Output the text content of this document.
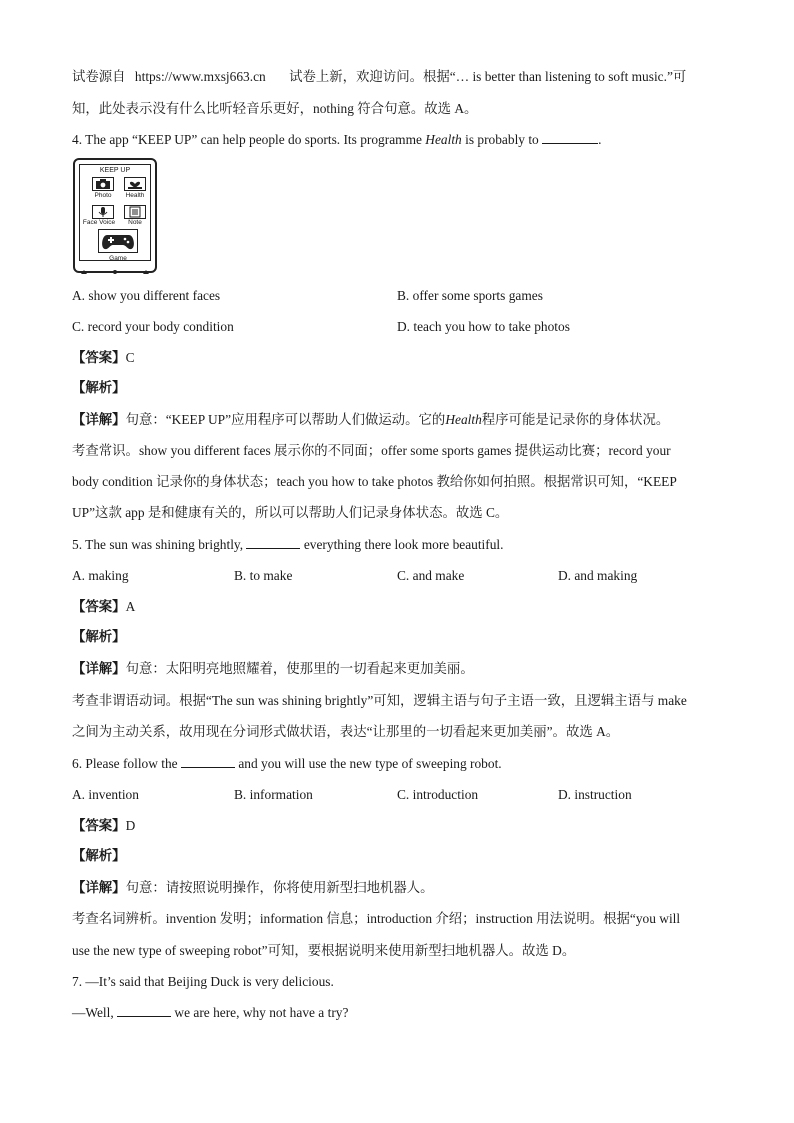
试卷源自 https://www.mxsj663.cn 试卷上新，欢迎访问。根据“… is better than listening to soft music.”可
知，此处表示没有什么比听轻音乐更好，nothing 符合句意。故选 A。
4. The app “KEEP UP” can help people do sports. Its programme Health is probably to	.
KEEP UP
Photo	Health
Face Voice	Note
Game
A. show you different faces	B. offer some sports games
C. record your body condition	D. teach you how to take photos
【答案】C
【解析】
【详解】句意：“KEEP UP”应用程序可以帮助人们做运动。它的Health程序可能是记录你的身体状况。
考查常识。show you different faces 展示你的不同面；offer some sports games 提供运动比赛；record your
body condition 记录你的身体状态；teach you how to take photos 教给你如何拍照。根据常识可知，“KEEP
UP”这款 app 是和健康有关的，所以可以帮助人们记录身体状态。故选 C。
5. The sun was shining brightly,	everything there look more beautiful.
A. making	B. to make	C. and make	D. and making
【答案】A
【解析】
【详解】句意：太阳明亮地照耀着，使那里的一切看起来更加美丽。
考查非谓语动词。根据“The sun was shining brightly”可知，逻辑主语与句子主语一致，且逻辑主语与 make
之间为主动关系，故用现在分词形式做状语，表达“让那里的一切看起来更加美丽”。故选 A。
6. Please follow the	and you will use the new type of sweeping robot.
A. invention	B. information	C. introduction	D. instruction
【答案】D
【解析】
【详解】句意：请按照说明操作，你将使用新型扫地机器人。
考查名词辨析。invention 发明；information 信息；introduction 介绍；instruction 用法说明。根据“you will
use the new type of sweeping robot”可知，要根据说明来使用新型扫地机器人。故选 D。
7. —It’s said that Beijing Duck is very delicious.
—Well,	we are here, why not have a try?
